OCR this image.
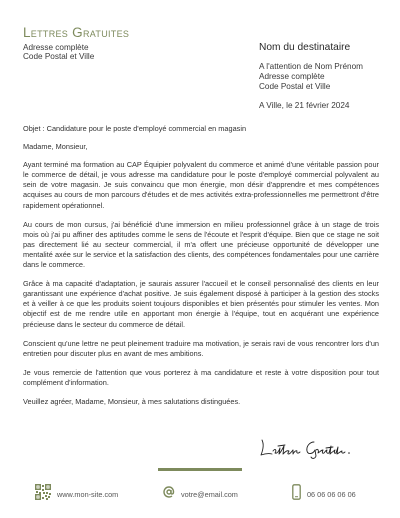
Lettres Gratuites
Adresse complète
Code Postal et Ville
Nom du destinataire
A l'attention de Nom Prénom
Adresse complète
Code Postal et Ville
A Ville, le 21 février 2024

Objet : Candidature pour le poste d'employé commercial en magasin

Madame, Monsieur,

Ayant terminé ma formation au CAP Équipier polyvalent du commerce et animé d'une véritable passion pour le commerce de détail, je vous adresse ma candidature pour le poste d'employé commercial polyvalent au sein de votre magasin. Je suis convaincu que mon énergie, mon désir d'apprendre et mes compétences acquises au cours de mon parcours d'études et de mes activités extra-professionnelles me permettront d'être rapidement opérationnel.

Au cours de mon cursus, j'ai bénéficié d'une immersion en milieu professionnel grâce à un stage de trois mois où j'ai pu affiner des aptitudes comme le sens de l'écoute et l'esprit d'équipe. Bien que ce stage ne soit pas directement lié au secteur commercial, il m'a offert une précieuse opportunité de développer une mentalité axée sur le service et la satisfaction des clients, des compétences fondamentales pour une carrière dans le commerce.

Grâce à ma capacité d'adaptation, je saurais assurer l'accueil et le conseil personnalisé des clients en leur garantissant une expérience d'achat positive. Je suis également disposé à participer à la gestion des stocks et à veiller à ce que les produits soient toujours disponibles et bien présentés pour stimuler les ventes. Mon objectif est de me rendre utile en apportant mon énergie à l'équipe, tout en acquérant une expérience précieuse dans le secteur du commerce de détail.

Conscient qu'une lettre ne peut pleinement traduire ma motivation, je serais ravi de vous rencontrer lors d'un entretien pour discuter plus en avant de mes ambitions.

Je vous remercie de l'attention que vous porterez à ma candidature et reste à votre disposition pour tout complément d'information.

Veuillez agréer, Madame, Monsieur, à mes salutations distinguées.

www.mon-site.com	votre@email.com	06 06 06 06 06
